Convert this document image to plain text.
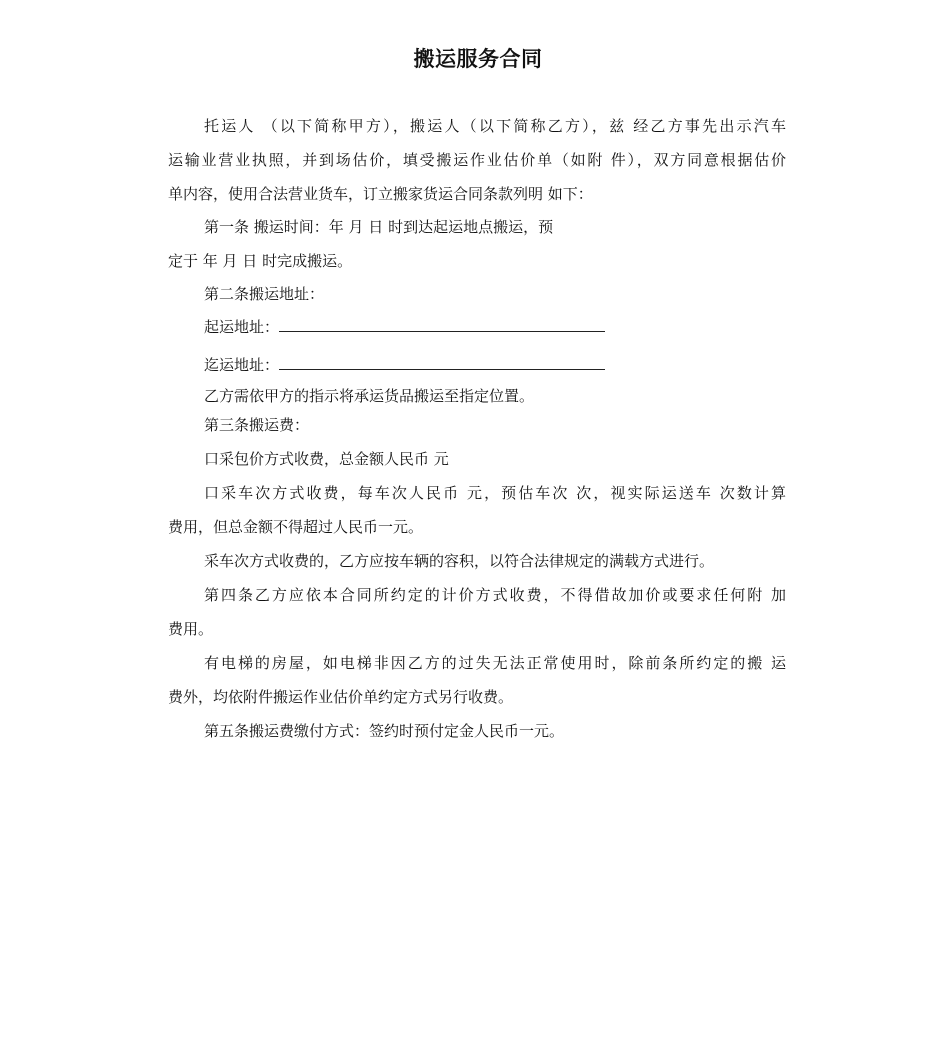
搬运服务合同
托运人 （以下简称甲方），搬运人（以下简称乙方），兹 经乙方事先出示汽车
运输业营业执照，并到场估价，填受搬运作业估价单（如附 件），双方同意根据估价
单内容，使用合法营业货车，订立搬家货运合同条款列明 如下：
第一条 搬运时间：年 月 日 时到达起运地点搬运，预
定于 年 月 日 时完成搬运。
第二条搬运地址：
起运地址：
迄运地址：
乙方需依甲方的指示将承运货品搬运至指定位置。
第三条搬运费：
口采包价方式收费，总金额人民币 元
口采车次方式收费，每车次人民币 元，预估车次 次，视实际运送车 次数计算
费用，但总金额不得超过人民币一元。
采车次方式收费的，乙方应按车辆的容积，以符合法律规定的满载方式进行。
第四条乙方应依本合同所约定的计价方式收费，不得借故加价或要求任何附 加
费用。
有电梯的房屋，如电梯非因乙方的过失无法正常使用时，除前条所约定的搬 运
费外，均依附件搬运作业估价单约定方式另行收费。
第五条搬运费缴付方式：签约时预付定金人民币一元。
